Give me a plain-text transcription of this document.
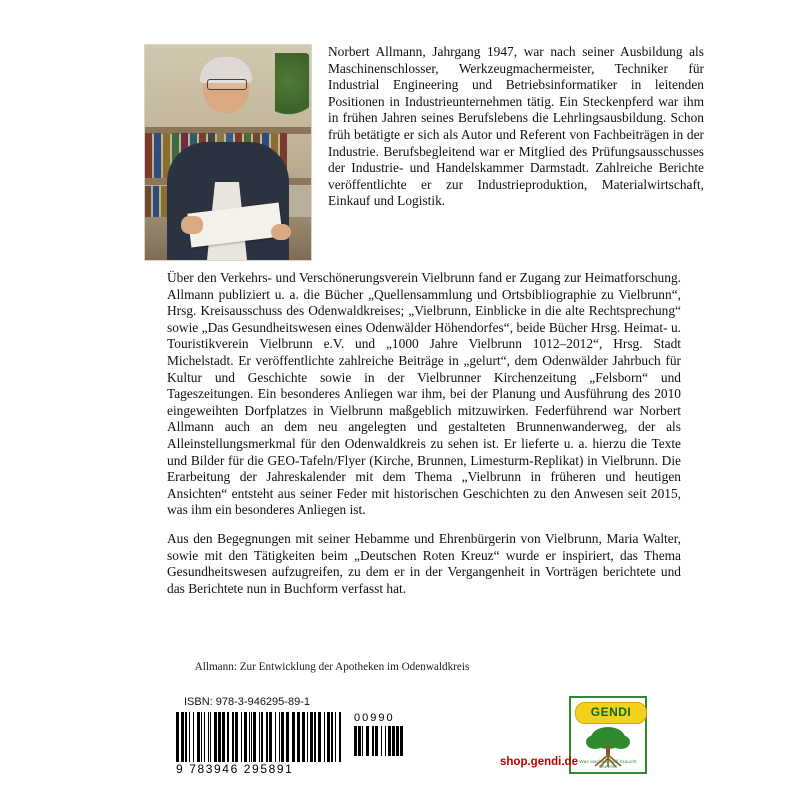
Norbert Allmann, Jahrgang 1947, war nach seiner Ausbildung als Maschinenschlosser, Werkzeugmachermeister, Techniker für Industrial Engineering und Betriebsinformatiker in leitenden Positionen in Industrieunternehmen tätig. Ein Steckenpferd war ihm in frühen Jahren seines Berufslebens die Lehrlingsausbildung. Schon früh betätigte er sich als Autor und Referent von Fachbeiträgen in der Industrie. Berufsbegleitend war er Mitglied des Prüfungsausschusses der Industrie- und Handelskammer Darmstadt. Zahlreiche Berichte veröffentlichte er zur Industrieproduktion, Materialwirtschaft, Einkauf und Logistik.

Über den Verkehrs- und Verschönerungsverein Vielbrunn fand er Zugang zur Heimatforschung. Allmann publiziert u. a. die Bücher „Quellensammlung und Ortsbibliographie zu Vielbrunn“, Hrsg. Kreisausschuss des Odenwaldkreises; „Vielbrunn, Einblicke in die alte Rechtsprechung“ sowie „Das Gesundheitswesen eines Odenwälder Höhendorfes“, beide Bücher Hrsg. Heimat- u. Touristikverein Vielbrunn e.V. und „1000 Jahre Vielbrunn 1012–2012“, Hrsg. Stadt Michelstadt. Er veröffentlichte zahlreiche Beiträge in „gelurt“, dem Odenwälder Jahrbuch für Kultur und Geschichte sowie in der Vielbrunner Kirchenzeitung „Felsborn“ und Tageszeitungen. Ein besonderes Anliegen war ihm, bei der Planung und Ausführung des 2010 eingeweihten Dorfplatzes in Vielbrunn maßgeblich mitzuwirken. Federführend war Norbert Allmann auch an dem neu angelegten und gestalteten Brunnenwanderweg, der als Alleinstellungsmerkmal für den Odenwaldkreis zu sehen ist. Er lieferte u. a. hierzu die Texte und Bilder für die GEO-Tafeln/Flyer (Kirche, Brunnen, Limesturm-Replikat) in Vielbrunn. Die Erarbeitung der Jahreskalender mit dem Thema „Vielbrunn in früheren und heutigen Ansichten“ entsteht aus seiner Feder mit historischen Geschichten zu den Anwesen seit 2015, was ihm ein besonderes Anliegen ist.

Aus den Begegnungen mit seiner Hebamme und Ehrenbürgerin von Vielbrunn, Maria Walter, sowie mit den Tätigkeiten beim „Deutschen Roten Kreuz“ wurde er inspiriert, das Thema Gesundheitswesen aufzugreifen, zu dem er in der Vergangenheit in Vorträgen berichtete und das Berichtete nun in Buchform verfasst hat.

Allmann: Zur Entwicklung der Apotheken im Odenwaldkreis
ISBN: 978-3-946295-89-1
9 783946 295891
00990	GENDI
Was wachsen will braucht Wurzeln
shop.gendi.de
